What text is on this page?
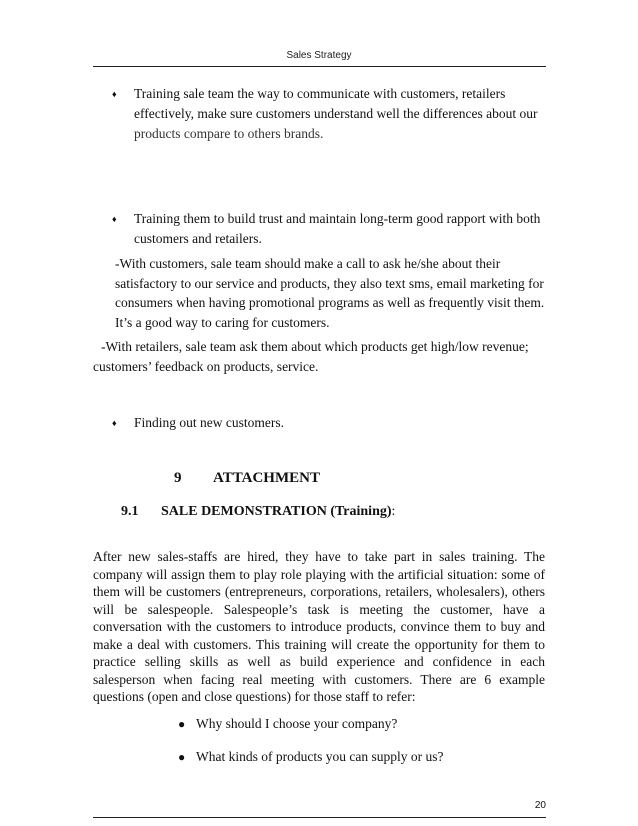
Sales Strategy
♦ Training sale team the way to communicate with customers, retailers
effectively, make sure customers understand well the differences about our
products compare to others brands.
♦ Training them to build trust and maintain long-term good rapport with both
customers and retailers.
-With customers, sale team should make a call to ask he/she about their
satisfactory to our service and products, they also text sms, email marketing for
consumers when having promotional programs as well as frequently visit them.
It’s a good way to caring for customers.
-With retailers, sale team ask them about which products get high/low revenue;
customers’ feedback on products, service.
♦ Finding out new customers.
9 ATTACHMENT
9.1 SALE DEMONSTRATION (Training):
After new sales-staffs are hired, they have to take part in sales training. The
company will assign them to play role playing with the artificial situation: some of
them will be customers (entrepreneurs, corporations, retailers, wholesalers), others
will be salespeople. Salespeople’s task is meeting the customer, have a
conversation with the customers to introduce products, convince them to buy and
make a deal with customers. This training will create the opportunity for them to
practice selling skills as well as build experience and confidence in each
salesperson when facing real meeting with customers. There are 6 example
questions (open and close questions) for those staff to refer:
● Why should I choose your company?
● What kinds of products you can supply or us?
20
